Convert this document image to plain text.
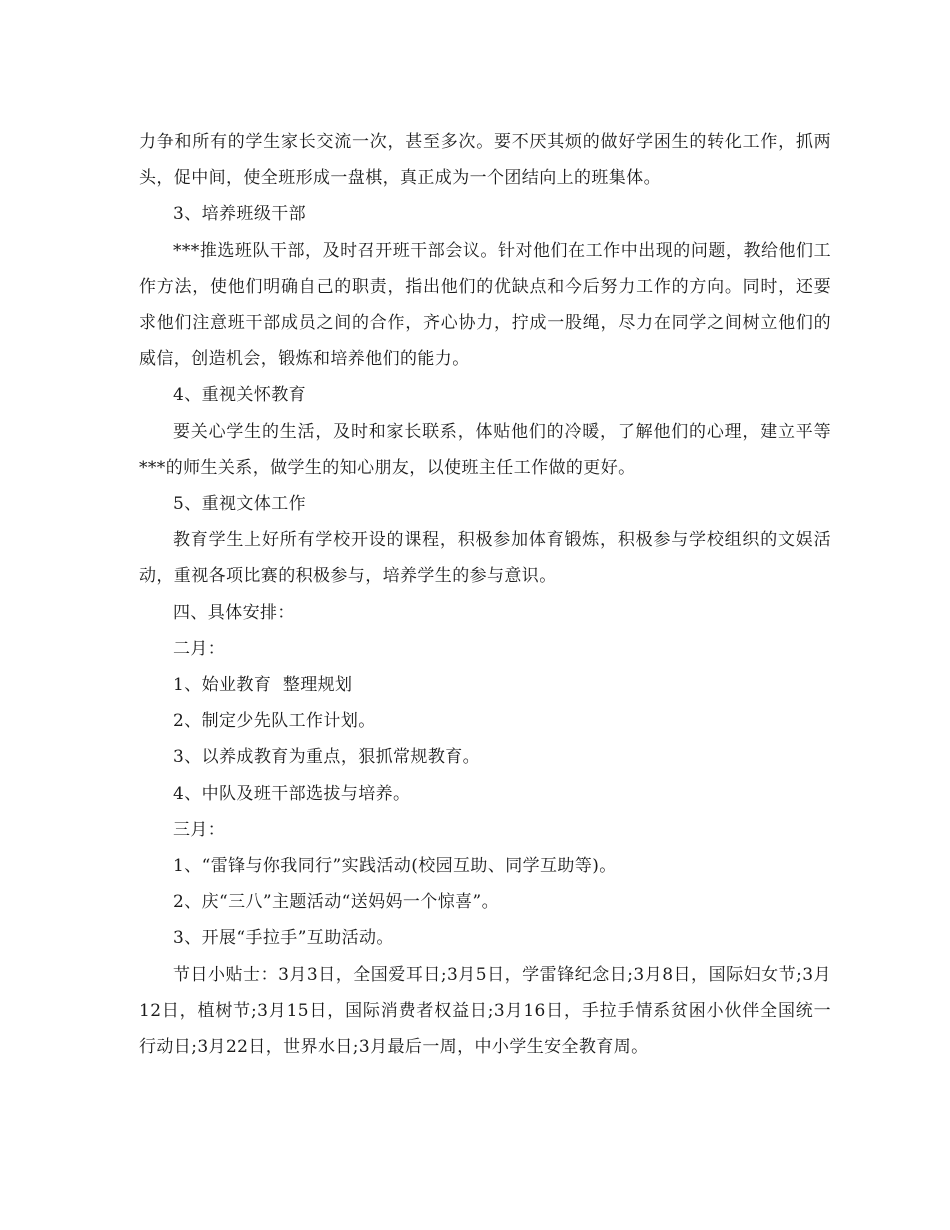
力争和所有的学生家长交流一次，甚至多次。要不厌其烦的做好学困生的转化工作，抓两头，促中间，使全班形成一盘棋，真正成为一个团结向上的班集体。

3、培养班级干部

***推选班队干部，及时召开班干部会议。针对他们在工作中出现的问题，教给他们工作方法，使他们明确自己的职责，指出他们的优缺点和今后努力工作的方向。同时，还要求他们注意班干部成员之间的合作，齐心协力，拧成一股绳，尽力在同学之间树立他们的威信，创造机会，锻炼和培养他们的能力。

4、重视关怀教育

要关心学生的生活，及时和家长联系，体贴他们的冷暖，了解他们的心理，建立平等***的师生关系，做学生的知心朋友，以使班主任工作做的更好。

5、重视文体工作

教育学生上好所有学校开设的课程，积极参加体育锻炼，积极参与学校组织的文娱活动，重视各项比赛的积极参与，培养学生的参与意识。

四、具体安排：

二月：

1、始业教育  整理规划

2、制定少先队工作计划。

3、以养成教育为重点，狠抓常规教育。

4、中队及班干部选拔与培养。

三月：

1、“雷锋与你我同行”实践活动(校园互助、同学互助等)。

2、庆“三八”主题活动“送妈妈一个惊喜”。

3、开展“手拉手”互助活动。

节日小贴士：3月3日，全国爱耳日;3月5日，学雷锋纪念日;3月8日，国际妇女节;3月12日，植树节;3月15日，国际消费者权益日;3月16日，手拉手情系贫困小伙伴全国统一行动日;3月22日，世界水日;3月最后一周，中小学生安全教育周。
